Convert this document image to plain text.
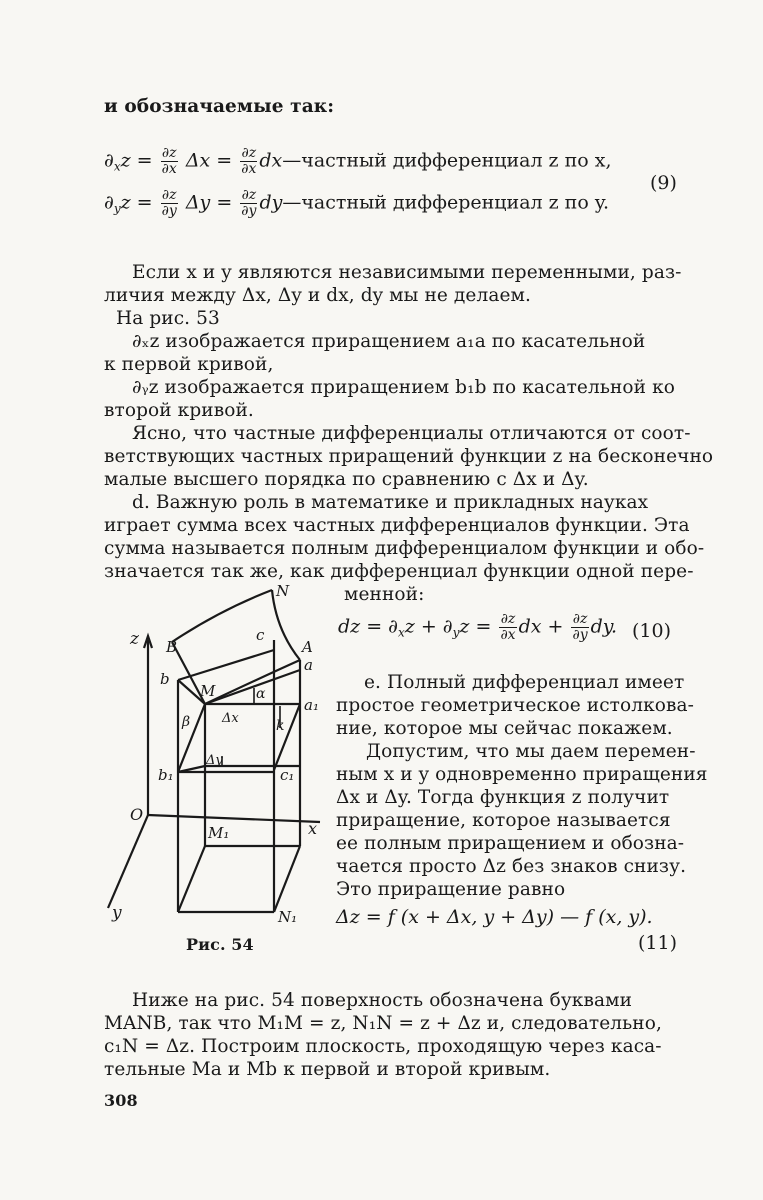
и обозначаемые так:
$\partial_xz = \frac{\partial z}{\partial x}$ $\Delta x = \frac{\partial z}{\partial x}$ dx—частный дифференциал z по x,
$\partial_yz = \frac{\partial z}{\partial y}$ $\Delta y = \frac{\partial z}{\partial y}$ dy—частный дифференциал z по y.
(9)
Если x и y являются независимыми переменными, раз-
личия между Δx, Δy и dx, dy мы не делаем.
На рис. 53
∂ₓz изображается приращением a₁a по касательной
к первой кривой,
∂ᵧz изображается приращением b₁b по касательной ко
второй кривой.
Ясно, что частные дифференциалы отличаются от соот-
ветствующих частных приращений функции z на бесконечно
малые высшего порядка по сравнению с Δx и Δy.
d. Важную роль в математике и прикладных науках
играет сумма всех частных дифференциалов функции. Эта
сумма называется полным дифференциалом функции и обо-
значается так же, как дифференциал функции одной пере-
менной:
dz = $\partial_xz + \partial_yz = \frac{\partial z}{\partial x}$ dx + $\frac{\partial z}{\partial y}$ dy. (10)
e. Полный дифференциал имеет
простое геометрическое истолкова-
ние, которое мы сейчас покажем.
Допустим, что мы даем перемен-
ным x и y одновременно приращения
Δx и Δy. Тогда функция z получит
приращение, которое называется
ее полным приращением и обозна-
чается просто Δz без знаков снизу.
Это приращение равно
Δz = f (x + Δx, y + Δy) — f (x, y).
(11)
z
y
x
O
N
B	A
a
a₁
b
b₁
c
c₁
M
M₁
N₁
k
α
β Δx
Δy
Рис. 54
Ниже на рис. 54 поверхность обозначена буквами
MANB, так что M₁M = z, N₁N = z + Δz и, следовательно,
c₁N = Δz. Построим плоскость, проходящую через каса-
тельные Ma и Mb к первой и второй кривым.
308
